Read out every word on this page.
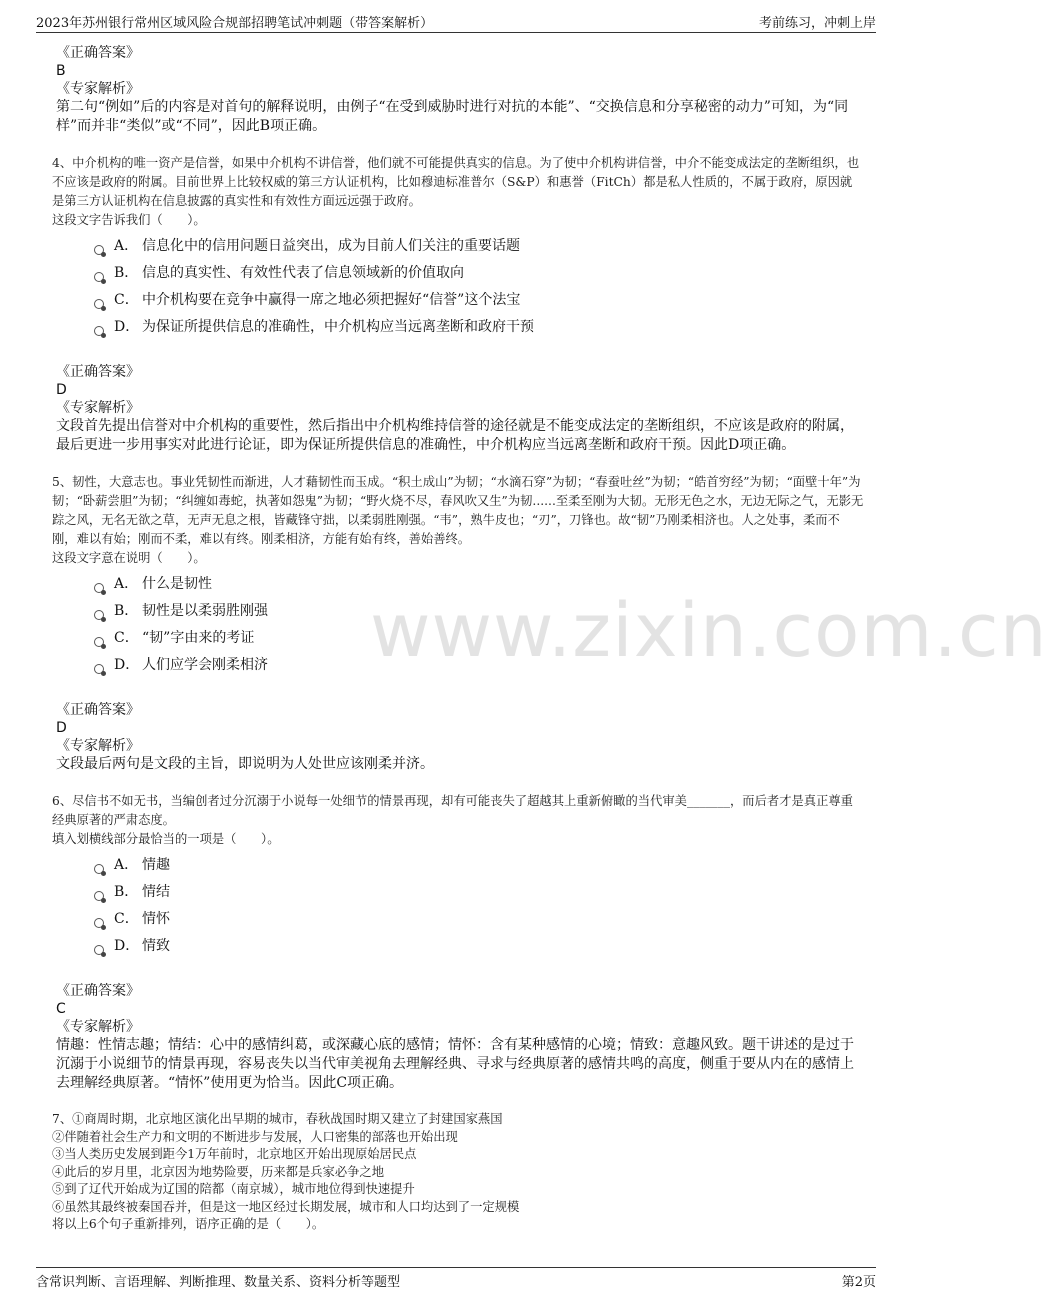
2023年苏州银行常州区域风险合规部招聘笔试冲刺题（带答案解析）	考前练习，冲刺上岸
www.zixin.com.cn
《正确答案》
B
《专家解析》
第二句“例如”后的内容是对首句的解释说明，由例子“在受到威胁时进行对抗的本能”、“交换信息和分享秘密的动力”可知，为“同样”而并非“类似”或“不同”，因此B项正确。
4、中介机构的唯一资产是信誉，如果中介机构不讲信誉，他们就不可能提供真实的信息。为了使中介机构讲信誉，中介不能变成法定的垄断组织，也不应该是政府的附属。目前世界上比较权威的第三方认证机构，比如穆迪标准普尔（S&P）和惠誉（FitCh）都是私人性质的，不属于政府，原因就是第三方认证机构在信息披露的真实性和有效性方面远远强于政府。
这段文字告诉我们（　　）。
A． 信息化中的信用问题日益突出，成为目前人们关注的重要话题
B． 信息的真实性、有效性代表了信息领域新的价值取向
C． 中介机构要在竞争中赢得一席之地必须把握好“信誉”这个法宝
D． 为保证所提供信息的准确性，中介机构应当远离垄断和政府干预
《正确答案》
D
《专家解析》
文段首先提出信誉对中介机构的重要性，然后指出中介机构维持信誉的途径就是不能变成法定的垄断组织，不应该是政府的附属，最后更进一步用事实对此进行论证，即为保证所提供信息的准确性，中介机构应当远离垄断和政府干预。因此D项正确。
5、韧性，大意志也。事业凭韧性而渐进，人才藉韧性而玉成。“积土成山”为韧；“水滴石穿”为韧；“春蚕吐丝”为韧；“皓首穷经”为韧；“面壁十年”为韧；“卧薪尝胆”为韧；“纠缠如毒蛇，执著如怨鬼”为韧；“野火烧不尽，春风吹又生”为韧......至柔至刚为大韧。无形无色之水，无边无际之气，无影无踪之风，无名无欲之草，无声无息之根，皆藏锋守拙，以柔弱胜刚强。“韦”，熟牛皮也；“刃”，刀锋也。故“韧”乃刚柔相济也。人之处事，柔而不刚，难以有始；刚而不柔，难以有终。刚柔相济，方能有始有终，善始善终。
这段文字意在说明（　　）。
A． 什么是韧性
B． 韧性是以柔弱胜刚强
C． “韧”字由来的考证
D． 人们应学会刚柔相济
《正确答案》
D
《专家解析》
文段最后两句是文段的主旨，即说明为人处世应该刚柔并济。
6、尽信书不如无书，当编创者过分沉溺于小说每一处细节的情景再现，却有可能丧失了超越其上重新俯瞰的当代审美_______，而后者才是真正尊重经典原著的严肃态度。
填入划横线部分最恰当的一项是（　　）。
A． 情趣
B． 情结
C． 情怀
D． 情致
《正确答案》
C
《专家解析》
情趣：性情志趣；情结：心中的感情纠葛，或深藏心底的感情；情怀：含有某种感情的心境；情致：意趣风致。题干讲述的是过于沉溺于小说细节的情景再现，容易丧失以当代审美视角去理解经典、寻求与经典原著的感情共鸣的高度，侧重于要从内在的感情上去理解经典原著。“情怀”使用更为恰当。因此C项正确。
7、①商周时期，北京地区演化出早期的城市，春秋战国时期又建立了封建国家燕国
②伴随着社会生产力和文明的不断进步与发展，人口密集的部落也开始出现
③当人类历史发展到距今1万年前时，北京地区开始出现原始居民点
④此后的岁月里，北京因为地势险要，历来都是兵家必争之地
⑤到了辽代开始成为辽国的陪都（南京城），城市地位得到快速提升
⑥虽然其最终被秦国吞并，但是这一地区经过长期发展，城市和人口均达到了一定规模
将以上6个句子重新排列，语序正确的是（　　）。
含常识判断、言语理解、判断推理、数量关系、资料分析等题型	第2页
